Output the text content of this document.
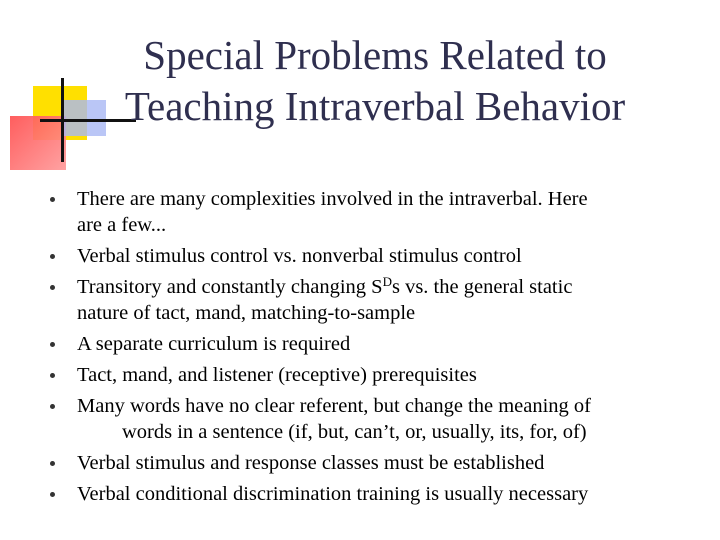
Special Problems Related to
Teaching Intraverbal Behavior
There are many complexities involved in the intraverbal. Here
are a few...
Verbal stimulus control vs. nonverbal stimulus control
Transitory and constantly changing $S^Ds$ vs. the general static
nature of tact, mand, matching-to-sample
A separate curriculum is required
Tact, mand, and listener (receptive) prerequisites
Many words have no clear referent, but change the meaning of
words in a sentence (if, but, can’t, or, usually, its, for, of)
Verbal stimulus and response classes must be established
Verbal conditional discrimination training is usually necessary
